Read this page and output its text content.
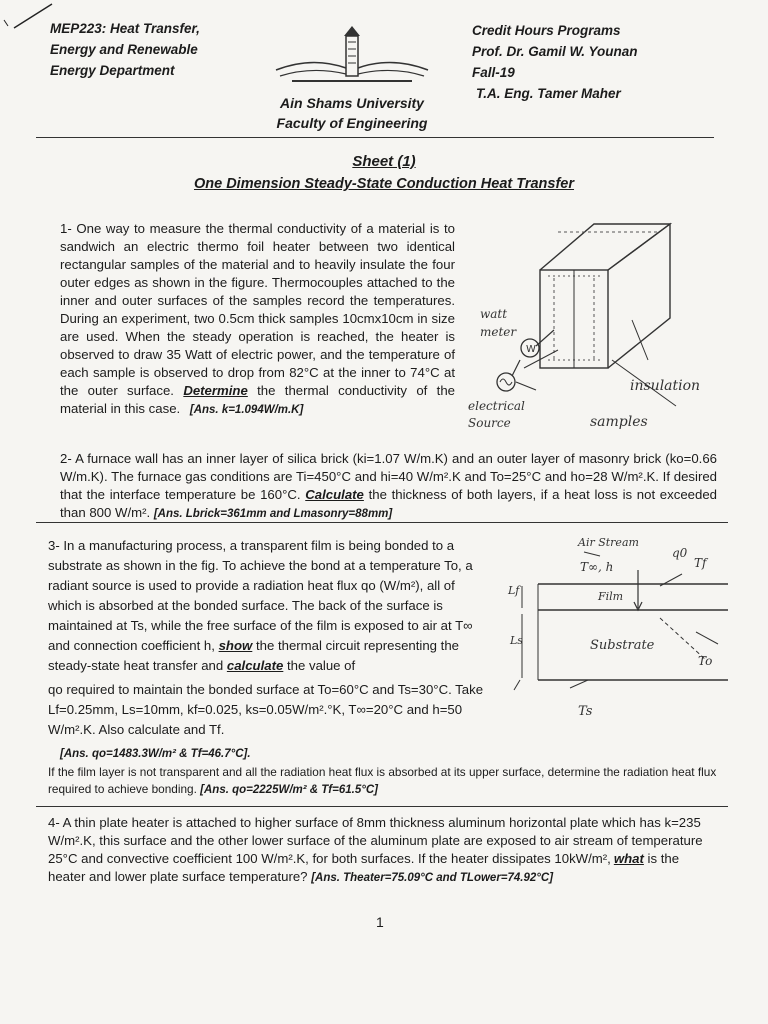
MEP223: Heat Transfer,
Energy and Renewable
Energy Department
Ain Shams University
Faculty of Engineering
Credit Hours Programs
Prof. Dr. Gamil W. Younan
Fall-19
T.A. Eng. Tamer Maher
Sheet (1)
One Dimension Steady-State Conduction Heat Transfer
1- One way to measure the thermal conductivity of a material is to sandwich an electric thermo foil heater between two identical rectangular samples of the material and to heavily insulate the four outer edges as shown in the figure. Thermocouples attached to the inner and outer surfaces of the samples record the temperatures. During an experiment, two 0.5cm thick samples 10cmx10cm in size are used. When the steady operation is reached, the heater is observed to draw 35 Watt of electric power, and the temperature of each sample is observed to drop from 82°C at the inner to 74°C at the outer surface. Determine the thermal conductivity of the material in this case. [Ans. k=1.094W/m.K]
W
watt meter
electrical Source
insulation
samples
2- A furnace wall has an inner layer of silica brick (ki=1.07 W/m.K) and an outer layer of masonry brick (ko=0.66 W/m.K). The furnace gas conditions are Ti=450°C and hi=40 W/m².K and To=25°C and ho=28 W/m².K. If desired that the interface temperature be 160°C. Calculate the thickness of both layers, if a heat loss is not exceeded than 800 W/m². [Ans. Lbrick=361mm and Lmasonry=88mm]
3- In a manufacturing process, a transparent film is being bonded to a substrate as shown in the fig. To achieve the bond at a temperature To, a radiant source is used to provide a radiation heat flux qo (W/m²), all of which is absorbed at the bonded surface. The back of the surface is maintained at Ts, while the free surface of the film is exposed to air at T∞ and connection coefficient h, show the thermal circuit representing the steady-state heat transfer and calculate the value of
qo required to maintain the bonded surface at To=60°C and Ts=30°C. Take Lf=0.25mm, Ls=10mm, kf=0.025, ks=0.05W/m².°K, T∞=20°C and h=50 W/m².K. Also calculate and Tf.
[Ans. qo=1483.3W/m² & Tf=46.7°C].
If the film layer is not transparent and all the radiation heat flux is absorbed at its upper surface, determine the radiation heat flux required to achieve bonding. [Ans. qo=2225W/m² & Tf=61.5°C]
Air Stream
T∞, h
q0
Tf
Lf	Film
Ls	Substrate
To
Ts
4- A thin plate heater is attached to higher surface of 8mm thickness aluminum horizontal plate which has k=235 W/m².K, this surface and the other lower surface of the aluminum plate are exposed to air stream of temperature 25°C and convective coefficient 100 W/m².K, for both surfaces. If the heater dissipates 10kW/m², what is the heater and lower plate surface temperature? [Ans. Theater=75.09°C and TLower=74.92°C]
1
